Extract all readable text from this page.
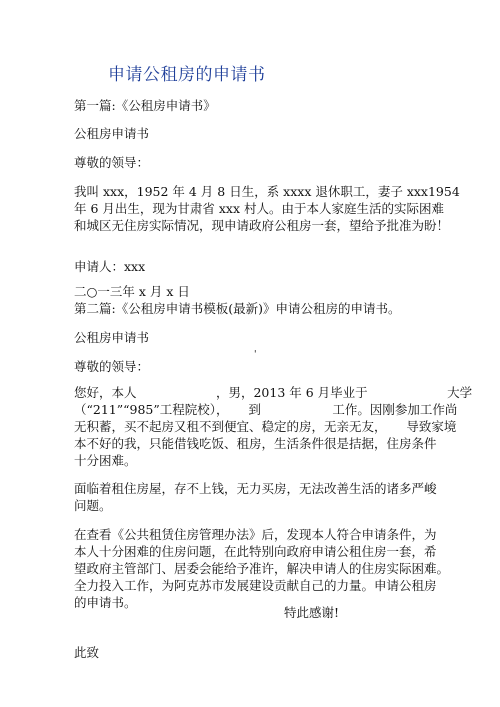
申请公租房的申请书
第一篇:《公租房申请书》
公租房申请书
尊敬的领导：
我叫 xxx，1952 年 4 月 8 日生，系 xxxx 退休职工，妻子 xxx1954
年 6 月出生，现为甘肃省 xxx 村人。由于本人家庭生活的实际困难
和城区无住房实际情况，现申请政府公租房一套，望给予批准为盼！
申请人：xxx
二○一三年 x 月 x 日
第二篇:《公租房申请书模板(最新)》申请公租房的申请书。
公租房申请书
'
尊敬的领导：
您好，本人                    ，男，2013 年 6 月毕业于                    大学
（“211”“985”工程院校），     到                  工作。因刚参加工作尚
无积蓄，买不起房又租不到便宜、稳定的房，无亲无友，     导致家境
本不好的我，只能借钱吃饭、租房，生活条件很是拮据，住房条件
十分困难。
面临着租住房屋，存不上钱，无力买房，无法改善生活的诸多严峻
问题。
在查看《公共租赁住房管理办法》后，发现本人符合申请条件，为
本人十分困难的住房问题，在此特别向政府申请公租住房一套，希
望政府主管部门、居委会能给予准许，解决申请人的住房实际困难。
全力投入工作，为阿克苏市发展建设贡献自己的力量。申请公租房
的申请书。
特此感谢!
此致
